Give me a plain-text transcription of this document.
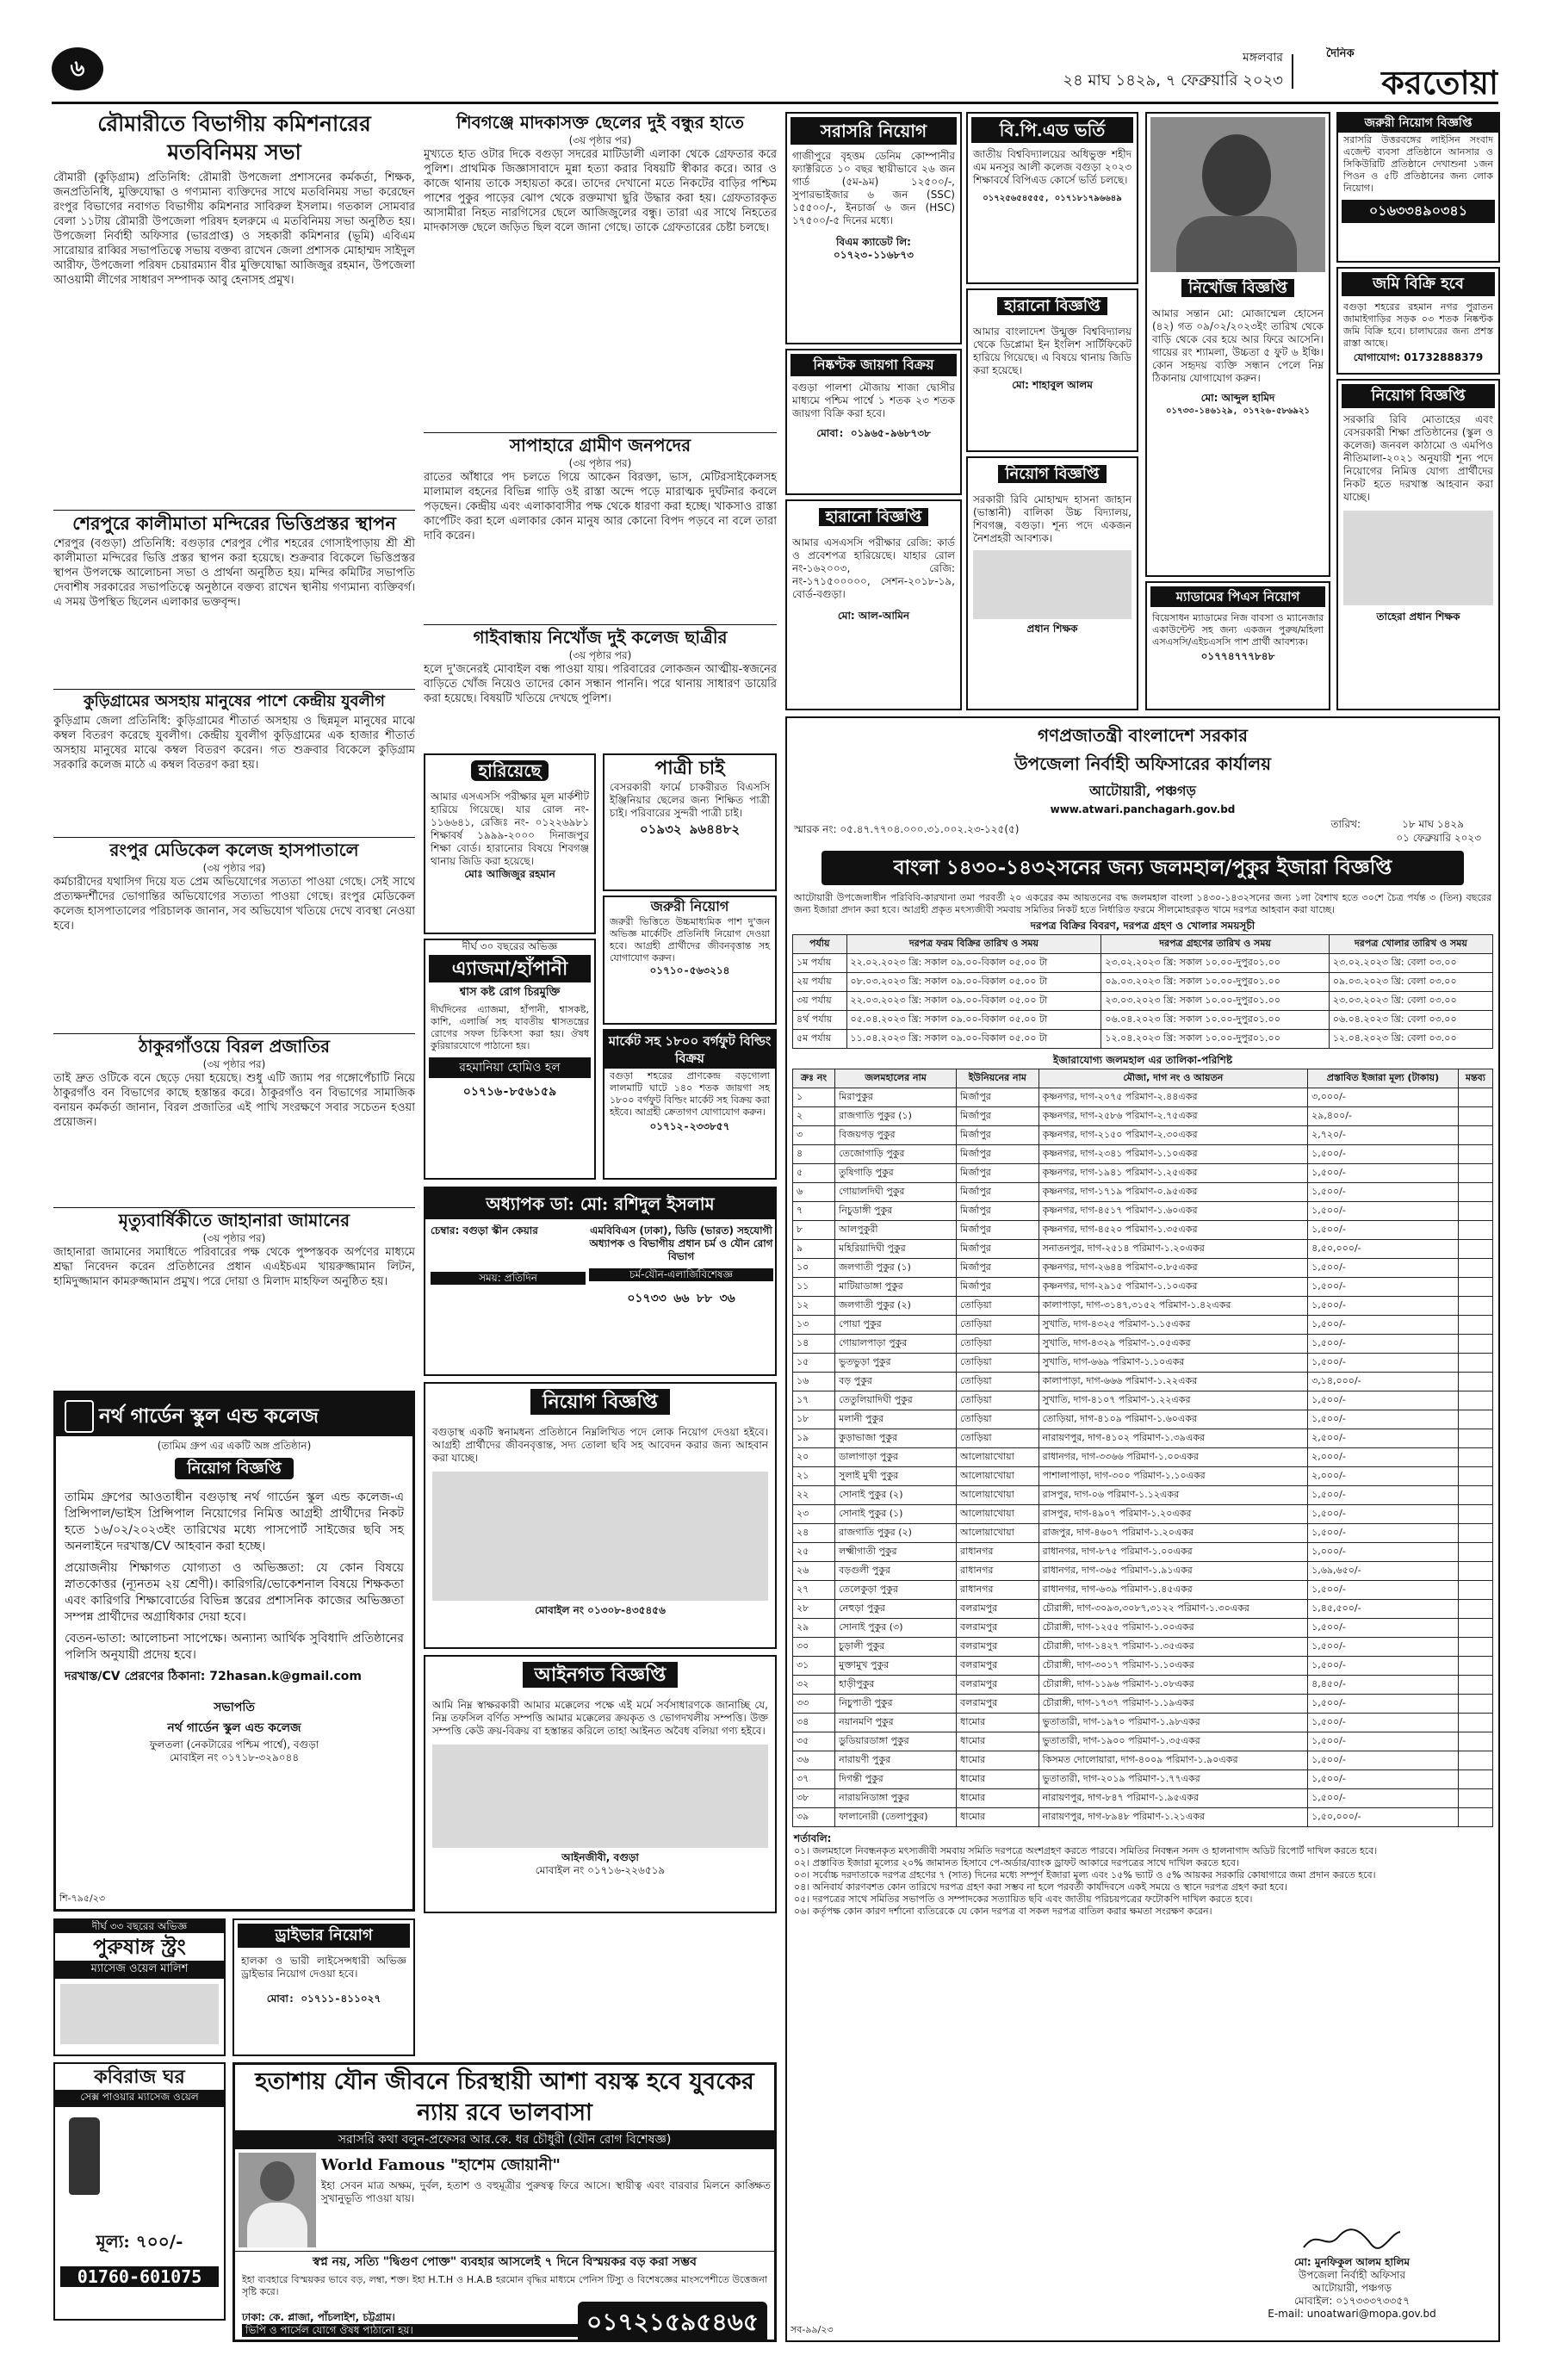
৬	মঙ্গলবার
২৪ মাঘ ১৪২৯, ৭ ফেব্রুয়ারি ২০২৩
দৈনিক
করতোয়া
রৌমারীতে বিভাগীয় কমিশনারের
মতবিনিময় সভা

রৌমারী (কুড়িগ্রাম) প্রতিনিধি: রৌমারী উপজেলা প্রশাসনের কর্মকর্তা, শিক্ষক, জনপ্রতিনিধি, মুক্তিযোদ্ধা ও গণ্যমান্য ব্যক্তিদের সাথে মতবিনিময় সভা করেছেন রংপুর বিভাগের নবাগত বিভাগীয় কমিশনার সাবিরুল ইসলাম। গতকাল সোমবার বেলা ১১টায় রৌমারী উপজেলা পরিষদ হলরুমে এ মতবিনিময় সভা অনুষ্ঠিত হয়। উপজেলা নির্বাহী অফিসার (ভারপ্রাপ্ত) ও সহকারী কমিশনার (ভূমি) এবিএম সারোয়ার রাব্বির সভাপতিত্বে সভায় বক্তব্য রাখেন জেলা প্রশাসক মোহাম্মদ সাইদুল আরীফ, উপজেলা পরিষদ চেয়ারম্যান বীর মুক্তিযোদ্ধা আজিজুর রহমান, উপজেলা আওয়ামী লীগের সাধারণ সম্পাদক আবু হেনাসহ প্রমুখ।

শেরপুরে কালীমাতা মন্দিরের ভিত্তিপ্রস্তর স্থাপন

শেরপুর (বগুড়া) প্রতিনিধি: বগুড়ার শেরপুর পৌর শহরের গোসাইপাড়ায় শ্রী শ্রী কালীমাতা মন্দিরের ভিত্তি প্রস্তর স্থাপন করা হয়েছে। শুক্রবার বিকেলে ভিত্তিপ্রস্তর স্থাপন উপলক্ষে আলোচনা সভা ও প্রার্থনা অনুষ্ঠিত হয়। মন্দির কমিটির সভাপতি দেবাশীষ সরকারের সভাপতিত্বে অনুষ্ঠানে বক্তব্য রাখেন স্থানীয় গণ্যমান্য ব্যক্তিবর্গ। এ সময় উপস্থিত ছিলেন এলাকার ভক্তবৃন্দ।

কুড়িগ্রামের অসহায় মানুষের পাশে কেন্দ্রীয় যুবলীগ

কুড়িগ্রাম জেলা প্রতিনিধি: কুড়িগ্রামের শীতার্ত অসহায় ও ছিন্নমূল মানুষের মাঝে কম্বল বিতরণ করেছে যুবলীগ। কেন্দ্রীয় যুবলীগ কুড়িগ্রামের এক হাজার শীতার্ত অসহায় মানুষের মাঝে কম্বল বিতরণ করেন। গত শুক্রবার বিকেলে কুড়িগ্রাম সরকারি কলেজ মাঠে এ কম্বল বিতরণ করা হয়।

রংপুর মেডিকেল কলেজ হাসপাতালে
(৩য় পৃষ্ঠার পর)

কর্মচারীদের যথাসিগ দিয়ে যত প্রেম অভিযোগের সত্যতা পাওয়া গেছে। সেই সাথে প্রত্যক্ষদর্শীদের ভোগান্তির অভিযোগের সত্যতা পাওয়া গেছে। রংপুর মেডিকেল কলেজ হাসপাতালের পরিচালক জানান, সব অভিযোগ খতিয়ে দেখে ব্যবস্থা নেওয়া হবে।

ঠাকুরগাঁওয়ে বিরল প্রজাতির
(৩য় পৃষ্ঠার পর)

তাই দ্রুত ওটিকে বনে ছেড়ে দেয়া হয়েছে। শুধু এটি জ্যাম পর গঙ্গোপেঁচাটি নিয়ে ঠাকুরগাঁও বন বিভাগের কাছে হস্তান্তর করে। ঠাকুরগাঁও বন বিভাগের সামাজিক বনায়ন কর্মকর্তা জানান, বিরল প্রজাতির এই পাখি সংরক্ষণে সবার সচেতন হওয়া প্রয়োজন।

মৃত্যুবার্ষিকীতে জাহানারা জামানের
(৩য় পৃষ্ঠার পর)

জাহানারা জামানের সমাধিতে পরিবারের পক্ষ থেকে পুষ্পস্তবক অর্পণের মাধ্যমে শ্রদ্ধা নিবেদন করেন প্রতিষ্ঠানের প্রধান এএইচএম খায়রুজ্জামান লিটন, হামিদুজ্জামান কামরুজ্জামান প্রমুখ। পরে দোয়া ও মিলাদ মাহফিল অনুষ্ঠিত হয়।

নর্থ গার্ডেন স্কুল এন্ড কলেজ
(তামিম গ্রুপ এর একটি অঙ্গ প্রতিষ্ঠান)
নিয়োগ বিজ্ঞপ্তি

তামিম গ্রুপের আওতাধীন বগুড়াস্থ নর্থ গার্ডেন স্কুল এন্ড কলেজ-এ প্রিন্সিপাল/ভাইস প্রিন্সিপাল নিয়োগের নিমিত্ত আগ্রহী প্রার্থীদের নিকট হতে ১৬/০২/২০২৩ইং তারিখের মধ্যে পাসপোর্ট সাইজের ছবি সহ অনলাইনে দরখাস্ত/CV আহবান করা হচ্ছে।

প্রয়োজনীয় শিক্ষাগত যোগ্যতা ও অভিজ্ঞতা: যে কোন বিষয়ে স্নাতকোত্তর (ন্যূনতম ২য় শ্রেণী)। কারিগরি/ভোকেশনাল বিষয়ে শিক্ষকতা এবং কারিগরি শিক্ষাবোর্ডের বিভিন্ন স্তরের প্রশাসনিক কাজের অভিজ্ঞতা সম্পন্ন প্রার্থীদের অগ্রাধিকার দেয়া হবে।

বেতন-ভাতা: আলোচনা সাপেক্ষে। অন্যান্য আর্থিক সুবিধাদি প্রতিষ্ঠানের পলিসি অনুযায়ী প্রদেয় হবে।

দরখাস্ত/CV প্রেরণের ঠিকানা: 72hasan.k@gmail.com

সভাপতি
নর্থ গার্ডেন স্কুল এন্ড কলেজ
ফুলতলা (নেকটারের পশ্চিম পার্শ্বে), বগুড়া
মোবাইল নং ০১৭১৮-৩২৯০৪৪
শি-৭৯৫/২৩
দীর্ঘ ৩৩ বছরের অভিজ্ঞ
পুরুষাঙ্গ স্ট্রং
ম্যাসেজ ওয়েল মালিশ
কবিরাজ ঘর
সেক্স পাওয়ার ম্যাসেজ ওয়েল
মূল্য: ৭০০/-
01760-601075
শিবগঞ্জে মাদকাসক্ত ছেলের দুই বন্ধুর হাতে
(৩য় পৃষ্ঠার পর)

মুখ্যতে হাত ওটার দিকে বগুড়া সদরের মাটিডালী এলাকা থেকে গ্রেফতার করে পুলিশ। প্রাথমিক জিজ্ঞাসাবাদে মুন্না হত্যা করার বিষয়টি স্বীকার করে। আর ও কাজে থানায় তাকে সহায়তা করে। তাদের দেখানো মতে নিকটের বাড়ির পশ্চিম পাশের পুকুর পাড়ের ঝোপ থেকে রক্তমাখা ছুরি উদ্ধার করা হয়। গ্রেফতারকৃত আসামীরা নিহত নারগিসের ছেলে আজিজুলের বন্ধু। তারা এর সাথে নিহতের মাদকাসক্ত ছেলে জড়িত ছিল বলে জানা গেছে। তাকে গ্রেফতারের চেষ্টা চলছে।

সাপাহারে গ্রামীণ জনপদের
(৩য় পৃষ্ঠার পর)

রাতের আঁধারে পদ চলতে গিয়ে আকেন বিরক্তা, ভাস, মেটিরসাইকেলসহ মালামাল বহনের বিভিন্ন গাড়ি ওই রাস্তা অন্দে পড়ে মারাত্মক দুর্ঘটনার কবলে পড়ছেন। কেন্দ্রীয় এবং এলাকাবাসীর পক্ষ থেকে ধারণা করা হচ্ছে। খাকসাও রাস্তা কার্পেটিং করা হলে এলাকার কোন মানুষ আর কোনো বিপদ পড়বে না বলে তারা দাবি করেন।

গাইবান্ধায় নিখোঁজ দুই কলেজ ছাত্রীর
(৩য় পৃষ্ঠার পর)

হলে দু'জনেরই মোবাইল বন্ধ পাওয়া যায়। পরিবারের লোকজন আত্মীয়-স্বজনের বাড়িতে খোঁজ নিয়েও তাদের কোন সন্ধান পাননি। পরে থানায় সাধারণ ডায়েরি করা হয়েছে। বিষয়টি খতিয়ে দেখছে পুলিশ।

হারিয়েছে

আমার এসএসসি পরীক্ষার মূল মার্কশীট হারিয়ে গিয়েছে। যার রোল নং- ১১৬৬৪১, রেজিঃ নং- ০১২২৬৯৮১ শিক্ষাবর্ষ ১৯৯৯-২০০০ দিনাজপুর শিক্ষা বোর্ড। হারানোর বিষয়ে শিবগঞ্জ থানায় জিডি করা হয়েছে।

মোঃ আজিজুর রহমান
পাত্রী চাই

বেসরকারী ফার্মে চাকরীরত বিএসসি ইঞ্জিনিয়ার ছেলের জন্য শিক্ষিত পাত্রী চাই। পরিবারের সুন্দরী পাত্রী চাই।

০১৯৩২ ৯৬৪৪৮২
জরুরী নিয়োগ

জরুরী ভিত্তিতে উচ্চমাধ্যমিক পাশ দু'জন অভিজ্ঞ মার্কেটিং প্রতিনিধি নিয়োগ দেওয়া হবে। আগ্রহী প্রার্থীদের জীবনবৃত্তান্ত সহ যোগাযোগ করুন।

০১৭১০-৫৬৩২১৪
দীর্ঘ ৩০ বছরের অভিজ্ঞ
এ্যাজমা/হাঁপানী
শ্বাস কষ্ট রোগ চিরমুক্তি

দীর্ঘদিনের এ্যাজমা, হাঁপানী, শ্বাসকষ্ট, কাশি, এলার্জি সহ যাবতীয় শ্বাসতন্ত্রের রোগের সফল চিকিৎসা করা হয়। ঔষধ কুরিয়ারযোগে পাঠানো হয়।

রহমানিয়া হোমিও হল
০১৭১৬-৮৫৬১৫৯
মার্কেট সহ ১৮০০ বর্গফুট বিল্ডিং বিক্রয়

বগুড়া শহরের প্রাণকেন্দ্র বড়গোলা লালমাটি ঘাটে ১৪০ শতক জায়গা সহ ১৮০০ বর্গফুট বিল্ডিং মার্কেট সহ বিক্রয় করা হইবে। আগ্রহী ক্রেতাগণ যোগাযোগ করুন।

০১৭১২-২৩৩৮৫৭
অধ্যাপক ডা: মো: রশিদুল ইসলাম
চেম্বার: বগুড়া স্কীন কেয়ার
সময়: প্রতিদিন
এমবিবিএস (ঢাকা), ডিডি (ভারত) সহযোগী অধ্যাপক ও বিভাগীয় প্রধান চর্ম ও যৌন রোগ বিভাগ
চর্ম-যৌন-এলার্জিবিশেষজ্ঞ
০১৭৩৩ ৬৬ ৮৮ ৩৬
নিয়োগ বিজ্ঞপ্তি

বগুড়াস্থ একটি স্বনামধন্য প্রতিষ্ঠানে নিম্নলিখিত পদে লোক নিয়োগ দেওয়া হইবে। আগ্রহী প্রার্থীদের জীবনবৃত্তান্ত, সদ্য তোলা ছবি সহ আবেদন করার জন্য আহবান করা যাচ্ছে।

মোবাইল নং ০১৩০৮-৪৩৫৪৫৬
আইনগত বিজ্ঞপ্তি

আমি নিম্ন স্বাক্ষরকারী আমার মক্কেলের পক্ষে এই মর্মে সর্বসাধারণকে জানাচ্ছি যে, নিম্ন তফসিল বর্ণিত সম্পত্তি আমার মক্কেলের ক্রয়কৃত ও ভোগদখলীয় সম্পত্তি। উক্ত সম্পত্তি কেউ ক্রয়-বিক্রয় বা হস্তান্তর করিলে তাহা আইনত অবৈধ বলিয়া গণ্য হইবে।

আইনজীবী, বগুড়া
মোবাইল নং ০১৭১৬-২২৬৫১৯
ড্রাইভার নিয়োগ

হালকা ও ভারী লাইসেন্সধারী অভিজ্ঞ ড্রাইভার নিয়োগ দেওয়া হবে।

মোবা: ০১৭১১-৪১১০২৭
সরাসরি নিয়োগ

গাজীপুরে বৃহত্তম ডেনিম কোম্পানীর ফ্যাক্টরিতে ১০ বছর স্থায়ীভাবে ২৬ জন গার্ড (৫ম-৯ম) ১২৫০০/-, সুপারভাইজার ৬ জন (SSC) ১৫৫০০/-, ইনচার্জ ৬ জন (HSC) ১৭৫০০/-৫ দিনের মধ্যে।

বিএম ক্যাডেট লি:
০১৭২৩-১১৬৮৭৩
নিষ্কণ্টক জায়গা বিক্রয়

বগুড়া পালশা মৌজায় শাজা দ্বোসীর মাধ্যমে পশ্চিম পার্শ্বে ১ শতক ২৩ শতক জায়গা বিক্রি করা হবে।

মোবা: ০১৯৬৫-৯৬৮৭৩৮
হারানো বিজ্ঞপ্তি

আমার এসএসসি পরীক্ষার রেজি: কার্ড ও প্রবেশপত্র হারিয়েছে। যাহার রোল নং-১৬২০০৩, রেজি: নং-১৭১৫০০০০০, সেশন-২০১৮-১৯, বোর্ড-বগুড়া।

মো: আল-আমিন
বি.পি.এড ভর্তি

জাতীয় বিশ্ববিদ্যালয়ের অধিভুক্ত শহীদ এম মনসুর আলী কলেজ বগুড়া ২০২৩ শিক্ষাবর্ষে বিপিএড কোর্সে ভর্তি চলছে।

০১৭২৫৬৫৪৫৫৫, ০১৭১৮১৭৯৬৬৪৯
হারানো বিজ্ঞপ্তি

আমার বাংলাদেশ উন্মুক্ত বিশ্ববিদ্যালয় থেকে ডিপ্লোমা ইন ইংলিশ সার্টিফিকেট হারিয়ে গিয়েছে। এ বিষয়ে থানায় জিডি করা হয়েছে।

মো: শাহাবুল আলম
নিয়োগ বিজ্ঞপ্তি

সরকারী রিবি মোহাম্মদ হাসনা জাহান (ভাস্তানী) বালিকা উচ্চ বিদ্যালয়, শিবগঞ্জ, বগুড়া। শূন্য পদে একজন নৈশপ্রহরী আবশ্যক।

প্রধান শিক্ষক
নিখোঁজ বিজ্ঞপ্তি

আমার সন্তান মো: মোজাম্মেল হোসেন (৪২) গত ০৯/০২/২০২৩ইং তারিখ থেকে বাড়ি থেকে বের হয়ে আর ফিরে আসেনি। গায়ের রং শ্যামলা, উচ্চতা ৫ ফুট ৬ ইঞ্চি। কোন সহৃদয় ব্যক্তি সন্ধান পেলে নিম্ন ঠিকানায় যোগাযোগ করুন।

মো: আব্দুল হামিদ
০১৭৩৩-১৪৬১২৯, ০১৭২৬-৫৮৬৯২১
ম্যাডামের পিএস নিয়োগ

বিয়েসাধন ম্যাডামের নিজ বাবসা ও ম্যানেজার একাউন্টেন্ট সহ জন্য একজন পুরুষ/মহিলা এসএসসি/এইচএসসি পাশ প্রার্থী আবশ্যক।

০১৭৭৪৭৭৭৮৪৮
জরুরী নিয়োগ বিজ্ঞপ্তি

সরাসরি উত্তরবঙ্গের লাইসিন সংবাদ এজেন্ট ব্যবসা প্রতিষ্ঠানে আনসার ও সিকিউরিটি প্রতিষ্ঠানে দেখাশুনা ১জন পিওন ও ৫টি প্রতিষ্ঠানের জন্য লোক নিয়োগ।

০১৬৩৩৪৯০৩৪১
জমি বিক্রি হবে

বগুড়া শহরের রহমান নগর পুরাতন জামাইগাড়ির সড়ক ০৩ শতক নিষ্কণ্টক জমি বিক্রি হবে। চালাঘরের জন্য প্রশস্ত রাস্তা আছে।

যোগাযোগ: 01732888379
নিয়োগ বিজ্ঞপ্তি

সরকারি রিবি মোতাহের এবং বেসরকারী শিক্ষা প্রতিষ্ঠানের (স্কুল ও কলেজ) জনবল কাঠামো ও এমপিও নীতিমালা-২০২১ অনুযায়ী শূন্য পদে নিয়োগের নিমিত্ত যোগ্য প্রার্থীদের নিকট হতে দরখাস্ত আহবান করা যাচ্ছে।

তাহেরা প্রধান শিক্ষক
গণপ্রজাতন্ত্রী বাংলাদেশ সরকার
উপজেলা নির্বাহী অফিসারের কার্যালয়
আটোয়ারী, পঞ্চগড়
www.atwari.panchagarh.gov.bd
স্মারক নং: ০৫.৪৭.৭৭০৪.০০০.৩১.০০২.২৩-১২৫(৫)	তারিখ:	১৮ মাঘ ১৪২৯
০১ ফেব্রুয়ারি ২০২৩
বাংলা ১৪৩০-১৪৩২সনের জন্য জলমহাল/পুকুর ইজারা বিজ্ঞপ্তি

আটোয়ারী উপজেলাধীন পরিবিবি-কারখানা তমা পরবর্তী ২০ একরের কম আয়তনের বদ্ধ জলমহাল বাংলা ১৪৩০-১৪৩২সনের জন্য ১লা বৈশাখ হতে ৩০শে চৈত্র পর্যন্ত ৩ (তিন) বছরের জন্য ইজারা প্রদান করা হবে। আগ্রহী প্রকৃত মৎস্যজীবী সমবায় সমিতির নিকট হতে নির্ধারিত ফরমে সীলমোহরকৃত খামে দরপত্র আহবান করা যাচ্ছে।

দরপত্র বিক্রির বিবরণ, দরপত্র গ্রহণ ও খোলার সময়সূচী
পর্যায়	দরপত্র ফরম বিক্রির তারিখ ও সময়	দরপত্র গ্রহণের তারিখ ও সময়	দরপত্র খোলার তারিখ ও সময়
১ম পর্যায়	২২.০২.২০২৩ খ্রি: সকাল ০৯.০০-বিকাল ০৫.০০ টা	২৩.০২.২০২৩ খ্রি: সকাল ১০.০০-দুপুর০১.০০	২৩.০২.২০২৩ খ্রি: বেলা ০৩.০০
২য় পর্যায়	০৮.০৩.২০২৩ খ্রি: সকাল ০৯.০০-বিকাল ০৫.০০ টা	০৯.০৩.২০২৩ খ্রি: সকাল ১০.০০-দুপুর০১.০০	০৯.০৩.২০২৩ খ্রি: বেলা ০৩.০০
৩য় পর্যায়	২২.০৩.২০২৩ খ্রি: সকাল ০৯.০০-বিকাল ০৫.০০ টা	২৩.০৩.২০২৩ খ্রি: সকাল ১০.০০-দুপুর০১.০০	২৩.০৩.২০২৩ খ্রি: বেলা ০৩.০০
৪র্থ পর্যায়	০৫.০৪.২০২৩ খ্রি: সকাল ০৯.০০-বিকাল ০৫.০০ টা	০৬.০৪.২০২৩ খ্রি: সকাল ১০.০০-দুপুর০১.০০	০৬.০৪.২০২৩ খ্রি: বেলা ০৩.০০
৫ম পর্যায়	১১.০৪.২০২৩ খ্রি: সকাল ০৯.০০-বিকাল ০৫.০০ টা	১২.০৪.২০২৩ খ্রি: সকাল ১০.০০-দুপুর০১.০০	১২.০৪.২০২৩ খ্রি: বেলা ০৩.০০
ইজারাযোগ্য জলমহাল এর তালিকা-পরিশিষ্ট
ক্রঃ নং	জলমহালের নাম	ইউনিয়নের নাম	মৌজা, দাগ নং ও আয়তন	প্রস্তাবিত ইজারা মূল্য (টাকায়)	মন্তব্য
১	মিরাপুকুর	মির্জাপুর	কৃষ্ণনগর, দাগ-২০৭৫ পরিমাণ-২.৪৪একর	৩,০০০/-	
২	রাজগাতি পুকুর (১)	মির্জাপুর	কৃষ্ণনগর, দাগ-২৫৮৬ পরিমাণ-২.৭৫একর	২৯,৪০০/-	
৩	বিজয়গড় পুকুর	মির্জাপুর	কৃষ্ণনগর, দাগ-২১৫০ পরিমাণ-২.৩০একর	২,৭২০/-	
৪	তেজোগাড়ি পুকুর	মির্জাপুর	কৃষ্ণনগর, দাগ-২৩৪১ পরিমাণ-১.১০একর	১,৫০০/-	
৫	তুষিগাড়ি পুকুর	মির্জাপুর	কৃষ্ণনগর, দাগ-১৯৪১ পরিমাণ-১.২৫একর	১,৫০০/-	
৬	গোয়ালদিঘী পুকুর	মির্জাপুর	কৃষ্ণনগর, দাগ-১৭১৯ পরিমাণ-০.৯৫একর	১,৫০০/-	
৭	নিচুডাঙ্গী পুকুর	মির্জাপুর	কৃষ্ণনগর, দাগ-৪৫১৭ পরিমাণ-১.৬০একর	১,৫০০/-	
৮	আলপুকুরী	মির্জাপুর	কৃষ্ণনগর, দাগ-৪৫২০ পরিমাণ-১.৩৫একর	১,৫০০/-	
৯	মহিরিয়াদিঘী পুকুর	মির্জাপুর	সনাতনপুর, দাগ-২৫১৪ পরিমাণ-১.২০একর	৪,৫০,০০০/-	
১০	জলগাতী পুকুর (১)	মির্জাপুর	কৃষ্ণনগর, দাগ-২৬৪৪ পরিমাণ-০.৮৫একর	১,৫০০/-	
১১	মাটিয়াডাঙ্গা পুকুর	মির্জাপুর	কৃষ্ণনগর, দাগ-২৯১৫ পরিমাণ-১.১০একর	১,৫০০/-	
১২	জলগাতী পুকুর (২)	তোড়িয়া	কালাপাড়া, দাগ-৩১৪৭,৩১৫২ পরিমাণ-১.৪২একর	১,৫০০/-	
১৩	পোয়া পুকুর	তোড়িয়া	সুখাতি, দাগ-৪৩২৫ পরিমাণ-১.১৫একর	১,৫০০/-	
১৪	গোয়ালপাড়া পুকুর	তোড়িয়া	সুখাতি, দাগ-৪৩২৯ পরিমাণ-১.০৫একর	১,৫০০/-	
১৫	ভুতভুড়া পুকুর	তোড়িয়া	সুখাতি, দাগ-৬৬৯ পরিমাণ-১.১০একর	১,৫০০/-	
১৬	বড় পুকুর	তোড়িয়া	কালাপাড়া, দাগ-৬৬৬ পরিমাণ-১.২২একর	৩,১৪,০০০/-	
১৭	তেতুলিয়াদিঘী পুকুর	তোড়িয়া	সুখাতি, দাগ-৪১০৭ পরিমাণ-১.২২একর	১,৫০০/-	
১৮	মলানী পুকুর	তোড়িয়া	তোড়িয়া, দাগ-৪১০৯ পরিমাণ-১.৬০একর	১,৫০০/-	
১৯	কুড়াভাজা পুকুর	তোড়িয়া	নারায়ণপুর, দাগ-৪১০২ পরিমাণ-১.৩৯একর	২,৫০০/-	
২০	ডালাগাড়া পুকুর	আলোয়াখোয়া	রাধানগর, দাগ-৩৩৬৬ পরিমাণ-১.০০একর	২,০০০/-	
২১	সুলাই মুখী পুকুর	আলোয়াখোয়া	পাশালাপাড়া, দাগ-৩০০ পরিমাণ-১.১০একর	২,০০০/-	
২২	সোনাই পুকুর (২)	আলোয়াখোয়া	রাসপুর, দাগ-০৬ পরিমাণ-১.১২একর	১,৫০০/-	
২৩	সোনাই পুকুর (১)	আলোয়াখোয়া	রাসপুর, দাগ-৪৯০৭ পরিমাণ-১.২০একর	১,৫০০/-	
২৪	রাজগাতি পুকুর (২)	আলোয়াখোয়া	রাজপুর, দাগ-৪৬০৭ পরিমাণ-১.২০একর	১,৫০০/-	
২৫	লক্ষ্মীগাতী পুকুর	রাধানগর	রাধানগর, দাগ-৮৭৫ পরিমাণ-১.০০একর	১,০০০/-	
২৬	বড়গুলী পুকুর	রাধানগর	রাধানগর, দাগ-৩৬৫ পরিমাণ-১.৯১একর	১,৬৯,৬৫০/-	
২৭	তেলেকুড়া পুকুর	রাধানগর	রাধানগর, দাগ-৬৩৯ পরিমাণ-১.৪৫একর	১,৫০০/-	
২৮	নেহুড়া পুকুর	বলরামপুর	চৌরাঙ্গী, দাগ-৩০৯৩,৩০৮৭,৩১২২ পরিমাণ-১.৩০একর	১,৪৫,৫০০/-	
২৯	সোনাই পুকুর (৩)	বলরামপুর	চৌরাঙ্গী, দাগ-১২৫৫ পরিমাণ-১.০০একর	১,৫০০/-	
৩০	চুড়ালী পুকুর	বলরামপুর	চৌরাঙ্গী, দাগ-১৪২৭ পরিমাণ-১.৩৫একর	১,৫০০/-	
৩১	মুক্তামুখ পুকুর	বলরামপুর	চৌরাঙ্গী, দাগ-৩০১৭ পরিমাণ-১.১০একর	১,৫০০/-	
৩২	হাড়ীপুকুর	বলরামপুর	চৌরাঙ্গী, দাগ-১১৯৬ পরিমাণ-১.০৮একর	৪,৪৫০/-	
৩৩	নিচুপাতী পুকুর	বলরামপুর	চৌরাঙ্গী, দাগ-১৭৩৭ পরিমাণ-১.১৯একর	১,৫০০/-	
৩৪	নয়ানমণি পুকুর	ধামোর	ভুতাতারী, দাগ-১৯৭০ পরিমাণ-১.৯৮একর	১,৫০০/-	
৩৫	ডুডিয়ারডাঙ্গা পুকুর	ধামোর	ভুতাতারী, দাগ-১৯০০ পরিমাণ-১.৩৫একর	১,৫০০/-	
৩৬	নারায়ণী পুকুর	ধামোর	কিসমত দোলোয়ারা, দাগ-৪০০৯ পরিমাণ-১.৯০একর	১,৫০০/-	
৩৭	দিগন্তী পুকুর	ধামোর	ভুতাতারী, দাগ-২০১৯ পরিমাণ-১.৭৭একর	১,৫০০/-	
৩৮	নারায়নিডাঙ্গা পুকুর	ধামোর	নারায়ণপুর, দাগ-৮৪৭ পরিমাণ-১.৯৫একর	১,৫০০/-	
৩৯	ফালানোরী (তেলাপুকুর)	ধামোর	নারায়ণপুর, দাগ-৮৯৪৮ পরিমাণ-১.২১একর	১,৫০,০০০/-	
শর্তাবলি:

০১। জলমহালে নিবন্ধনকৃত মৎস্যজীবী সমবায় সমিতি দরপত্রে অংশগ্রহণ করতে পারবে। সমিতির নিবন্ধন সনদ ও হালনাগাদ অডিট রিপোর্ট দাখিল করতে হবে।

০২। প্রস্তাবিত ইজারা মূল্যের ২০% জামানত হিসাবে পে-অর্ডার/ব্যাংক ড্রাফট আকারে দরপত্রের সাথে দাখিল করতে হবে।

০৩। সর্বোচ্চ দরদাতাকে দরপত্র গ্রহণের ৭ (সাত) দিনের মধ্যে সম্পূর্ণ ইজারা মূল্য এবং ১৫% ভ্যাট ও ৫% আয়কর সরকারি কোষাগারে জমা প্রদান করতে হবে।

০৪। অনিবার্য কারণবশত কোন তারিখে দরপত্র গ্রহণ করা সম্ভব না হলে পরবর্তী কার্যদিবসে একই সময়ে ও স্থানে দরপত্র গ্রহণ করা হবে।

০৫। দরপত্রের সাথে সমিতির সভাপতি ও সম্পাদকের সত্যায়িত ছবি এবং জাতীয় পরিচয়পত্রের ফটোকপি দাখিল করতে হবে।

০৬। কর্তৃপক্ষ কোন কারণ দর্শানো ব্যতিরেকে যে কোন দরপত্র বা সকল দরপত্র বাতিল করার ক্ষমতা সংরক্ষণ করেন।

মো: মুনফিকুল আলম হালিম
উপজেলা নির্বাহী অফিসার
আটোয়ারী, পঞ্চগড়
মোবাইল: ০১৭৩৩৩৭৩৩৫৭
E-mail: unoatwari@mopa.gov.bd
সব-৯৯/২৩
হতাশায় যৌন জীবনে চিরস্থায়ী আশা বয়স্ক হবে যুবকের ন্যায় রবে ভালবাসা
সরাসরি কথা বলুন-প্রফেসর আর.কে. ধর চৌধুরী (যৌন রোগ বিশেষজ্ঞ)
World Famous "হাশেম জোয়ানী"

ইহা সেবন মাত্র অক্ষম, দুর্বল, হতাশ ও বহুমূত্রীর পুরুষত্ব ফিরে আসে। স্থায়ীত্ব এবং বারবার মিলনে কাঙ্ক্ষিত সুখানুভূতি পাওয়া যায়।

স্বপ্ন নয়, সত্যি "দ্বিগুণ পোক্ত" ব্যবহার আসলেই ৭ দিনে বিস্ময়কর বড় করা সম্ভব

ইহা ব্যবহারে বিস্ময়কর ভাবে বড়, লম্বা, শক্ত। ইহা H.T.H ও H.A.B হরমোন বৃদ্ধির মাধ্যমে পেনিস টিস্যু ও বিশেষজ্ঞের মাংসপেশীতে উত্তেজনা সৃষ্টি করে।

ঢাকা: কে. প্লাজা, পাঁচলাইশ, চট্টগ্রাম।
ভিপি ও পার্সেল যোগে ঔষধ পাঠানো হয়।	০১৭২১৫৯৫৪৬৫
